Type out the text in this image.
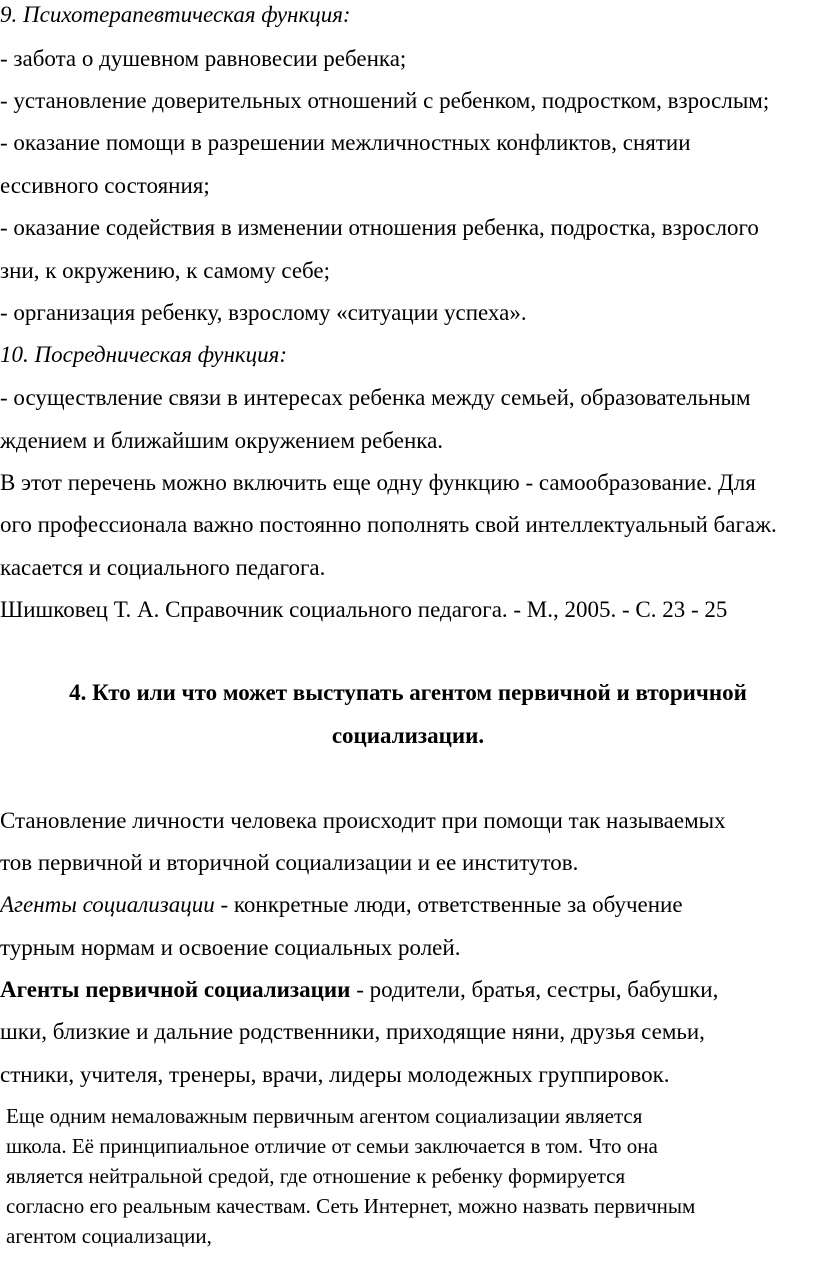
9. Психотерапевтическая функция:
- забота о душевном равновесии ребенка;
- установление доверительных отношений с ребенком, подростком, взрослым;
- оказание помощи в разрешении межличностных конфликтов, снятии
ессивного состояния;
- оказание содействия в изменении отношения ребенка, подростка, взрослого
зни, к окружению, к самому себе;
- организация ребенку, взрослому «ситуации успеха».
10. Посредническая функция:
- осуществление связи в интересах ребенка между семьей, образовательным
ждением и ближайшим окружением ребенка.
В этот перечень можно включить еще одну функцию - самообразование. Для
ого профессионала важно постоянно пополнять свой интеллектуальный багаж.
касается и социального педагога.
Шишковец Т. А. Справочник социального педагога. - М., 2005. - С. 23 - 25
4. Кто или что может выступать агентом первичной и вторичной
социализации.
Становление личности человека происходит при помощи так называемых
тов первичной и вторичной социализации и ее институтов.
Агенты социализации - конкретные люди, ответственные за обучение
турным нормам и освоение социальных ролей.
Агенты первичной социализации - родители, братья, сестры, бабушки,
шки, близкие и дальние родственники, приходящие няни, друзья семьи,
стники, учителя, тренеры, врачи, лидеры молодежных группировок.
Еще одним немаловажным первичным агентом социализации является
школа. Её принципиальное отличие от семьи заключается в том. Что она
является нейтральной средой, где отношение к ребенку формируется
согласно его реальным качествам. Сеть Интернет, можно назвать первичным
агентом социализации,
